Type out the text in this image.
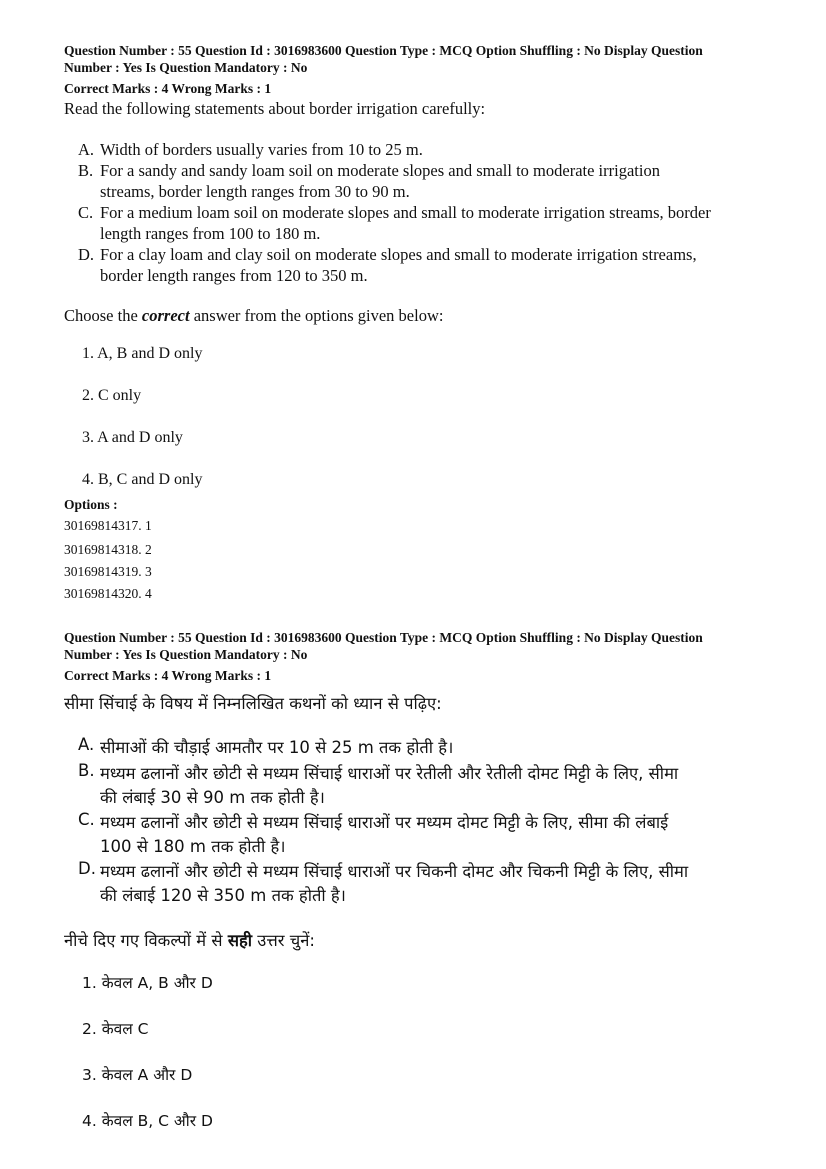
Question Number : 55 Question Id : 3016983600 Question Type : MCQ Option Shuffling : No Display Question
Number : Yes Is Question Mandatory : No
Correct Marks : 4 Wrong Marks : 1
Read the following statements about border irrigation carefully:
A. Width of borders usually varies from 10 to 25 m.
B. For a sandy and sandy loam soil on moderate slopes and small to moderate irrigation
streams, border length ranges from 30 to 90 m.
C. For a medium loam soil on moderate slopes and small to moderate irrigation streams, border
length ranges from 100 to 180 m.
D. For a clay loam and clay soil on moderate slopes and small to moderate irrigation streams,
border length ranges from 120 to 350 m.
Choose the correct answer from the options given below:
1. A, B and D only
2. C only
3. A and D only
4. B, C and D only
Options :
30169814317. 1
30169814318. 2
30169814319. 3
30169814320. 4
Question Number : 55 Question Id : 3016983600 Question Type : MCQ Option Shuffling : No Display Question
Number : Yes Is Question Mandatory : No
Correct Marks : 4 Wrong Marks : 1
सीमा सिंचाई के विषय में निम्नलिखित कथनों को ध्यान से पढ़िए:
A. सीमाओं की चौड़ाई आमतौर पर 10 से 25 m तक होती है।
B. मध्यम ढलानों और छोटी से मध्यम सिंचाई धाराओं पर रेतीली और रेतीली दोमट मिट्टी के लिए, सीमा
की लंबाई 30 से 90 m तक होती है।
C. मध्यम ढलानों और छोटी से मध्यम सिंचाई धाराओं पर मध्यम दोमट मिट्टी के लिए, सीमा की लंबाई
100 से 180 m तक होती है।
D. मध्यम ढलानों और छोटी से मध्यम सिंचाई धाराओं पर चिकनी दोमट और चिकनी मिट्टी के लिए, सीमा
की लंबाई 120 से 350 m तक होती है।
नीचे दिए गए विकल्पों में से सही उत्तर चुनें:
1. केवल A, B और D
2. केवल C
3. केवल A और D
4. केवल B, C और D
